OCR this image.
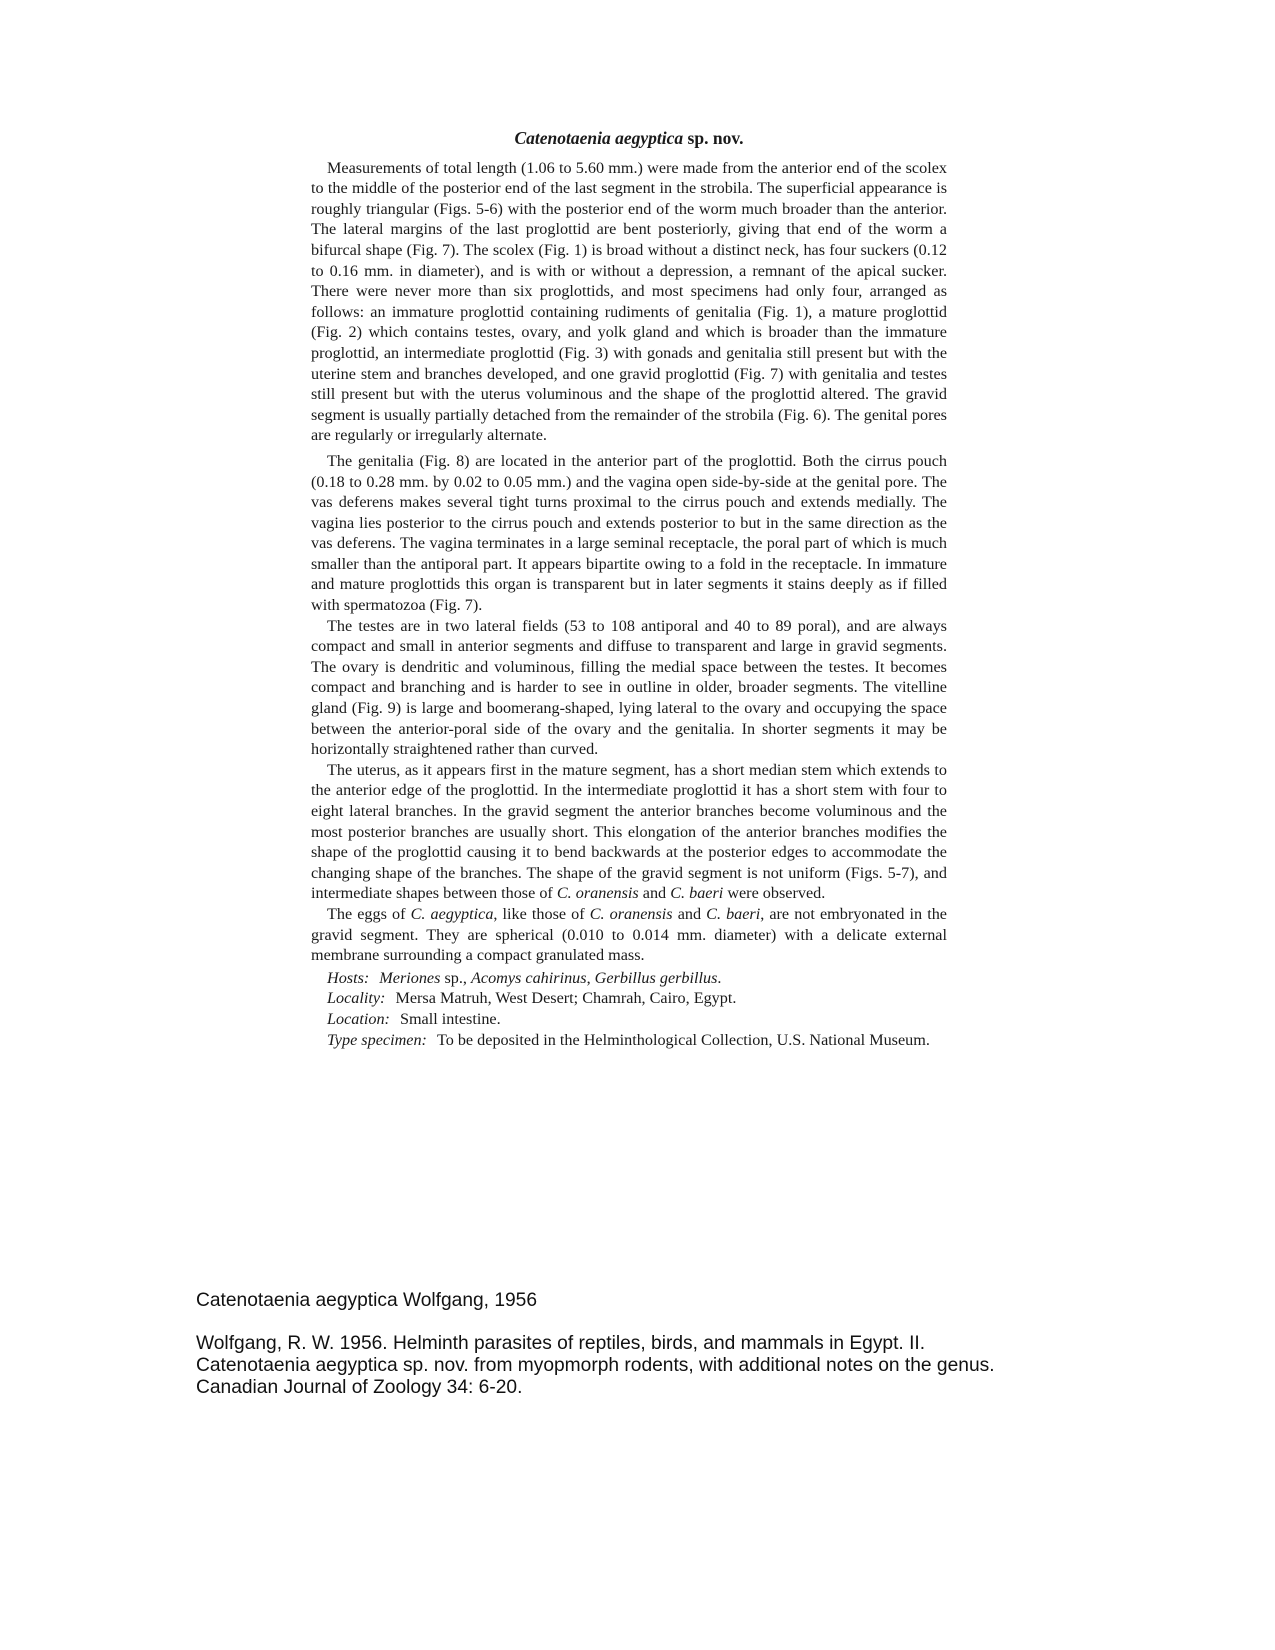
Catenotaenia aegyptica sp. nov.

Measurements of total length (1.06 to 5.60 mm.) were made from the anterior end of the scolex to the middle of the posterior end of the last segment in the strobila. The superficial appearance is roughly triangular (Figs. 5-6) with the posterior end of the worm much broader than the anterior. The lateral margins of the last proglottid are bent posteriorly, giving that end of the worm a bifurcal shape (Fig. 7). The scolex (Fig. 1) is broad without a distinct neck, has four suckers (0.12 to 0.16 mm. in diameter), and is with or without a depression, a remnant of the apical sucker. There were never more than six proglottids, and most specimens had only four, arranged as follows: an immature proglottid containing rudiments of genitalia (Fig. 1), a mature proglottid (Fig. 2) which contains testes, ovary, and yolk gland and which is broader than the immature proglottid, an intermediate proglottid (Fig. 3) with gonads and genitalia still present but with the uterine stem and branches developed, and one gravid proglottid (Fig. 7) with genitalia and testes still present but with the uterus voluminous and the shape of the proglottid altered. The gravid segment is usually partially detached from the remainder of the strobila (Fig. 6). The genital pores are regularly or irregularly alternate.

The genitalia (Fig. 8) are located in the anterior part of the proglottid. Both the cirrus pouch (0.18 to 0.28 mm. by 0.02 to 0.05 mm.) and the vagina open side-by-side at the genital pore. The vas deferens makes several tight turns proximal to the cirrus pouch and extends medially. The vagina lies posterior to the cirrus pouch and extends posterior to but in the same direction as the vas deferens. The vagina terminates in a large seminal receptacle, the poral part of which is much smaller than the antiporal part. It appears bipartite owing to a fold in the receptacle. In immature and mature proglottids this organ is transparent but in later segments it stains deeply as if filled with spermatozoa (Fig. 7).

The testes are in two lateral fields (53 to 108 antiporal and 40 to 89 poral), and are always compact and small in anterior segments and diffuse to transparent and large in gravid segments. The ovary is dendritic and voluminous, filling the medial space between the testes. It becomes compact and branching and is harder to see in outline in older, broader segments. The vitelline gland (Fig. 9) is large and boomerang-shaped, lying lateral to the ovary and occupying the space between the anterior-poral side of the ovary and the genitalia. In shorter segments it may be horizontally straightened rather than curved.

The uterus, as it appears first in the mature segment, has a short median stem which extends to the anterior edge of the proglottid. In the intermediate proglottid it has a short stem with four to eight lateral branches. In the gravid segment the anterior branches become voluminous and the most posterior branches are usually short. This elongation of the anterior branches modifies the shape of the proglottid causing it to bend backwards at the posterior edges to accommodate the changing shape of the branches. The shape of the gravid segment is not uniform (Figs. 5-7), and intermediate shapes between those of C. oranensis and C. baeri were observed.

The eggs of C. aegyptica, like those of C. oranensis and C. baeri, are not embryonated in the gravid segment. They are spherical (0.010 to 0.014 mm. diameter) with a delicate external membrane surrounding a compact granulated mass.

Hosts: Meriones sp., Acomys cahirinus, Gerbillus gerbillus.
Locality: Mersa Matruh, West Desert; Chamrah, Cairo, Egypt.
Location: Small intestine.
Type specimen: To be deposited in the Helminthological Collection, U.S. National Museum.

Catenotaenia aegyptica Wolfgang, 1956

Wolfgang, R. W. 1956. Helminth parasites of reptiles, birds, and mammals in Egypt. II.
Catenotaenia aegyptica sp. nov. from myopmorph rodents, with additional notes on the genus.
Canadian Journal of Zoology 34: 6-20.
